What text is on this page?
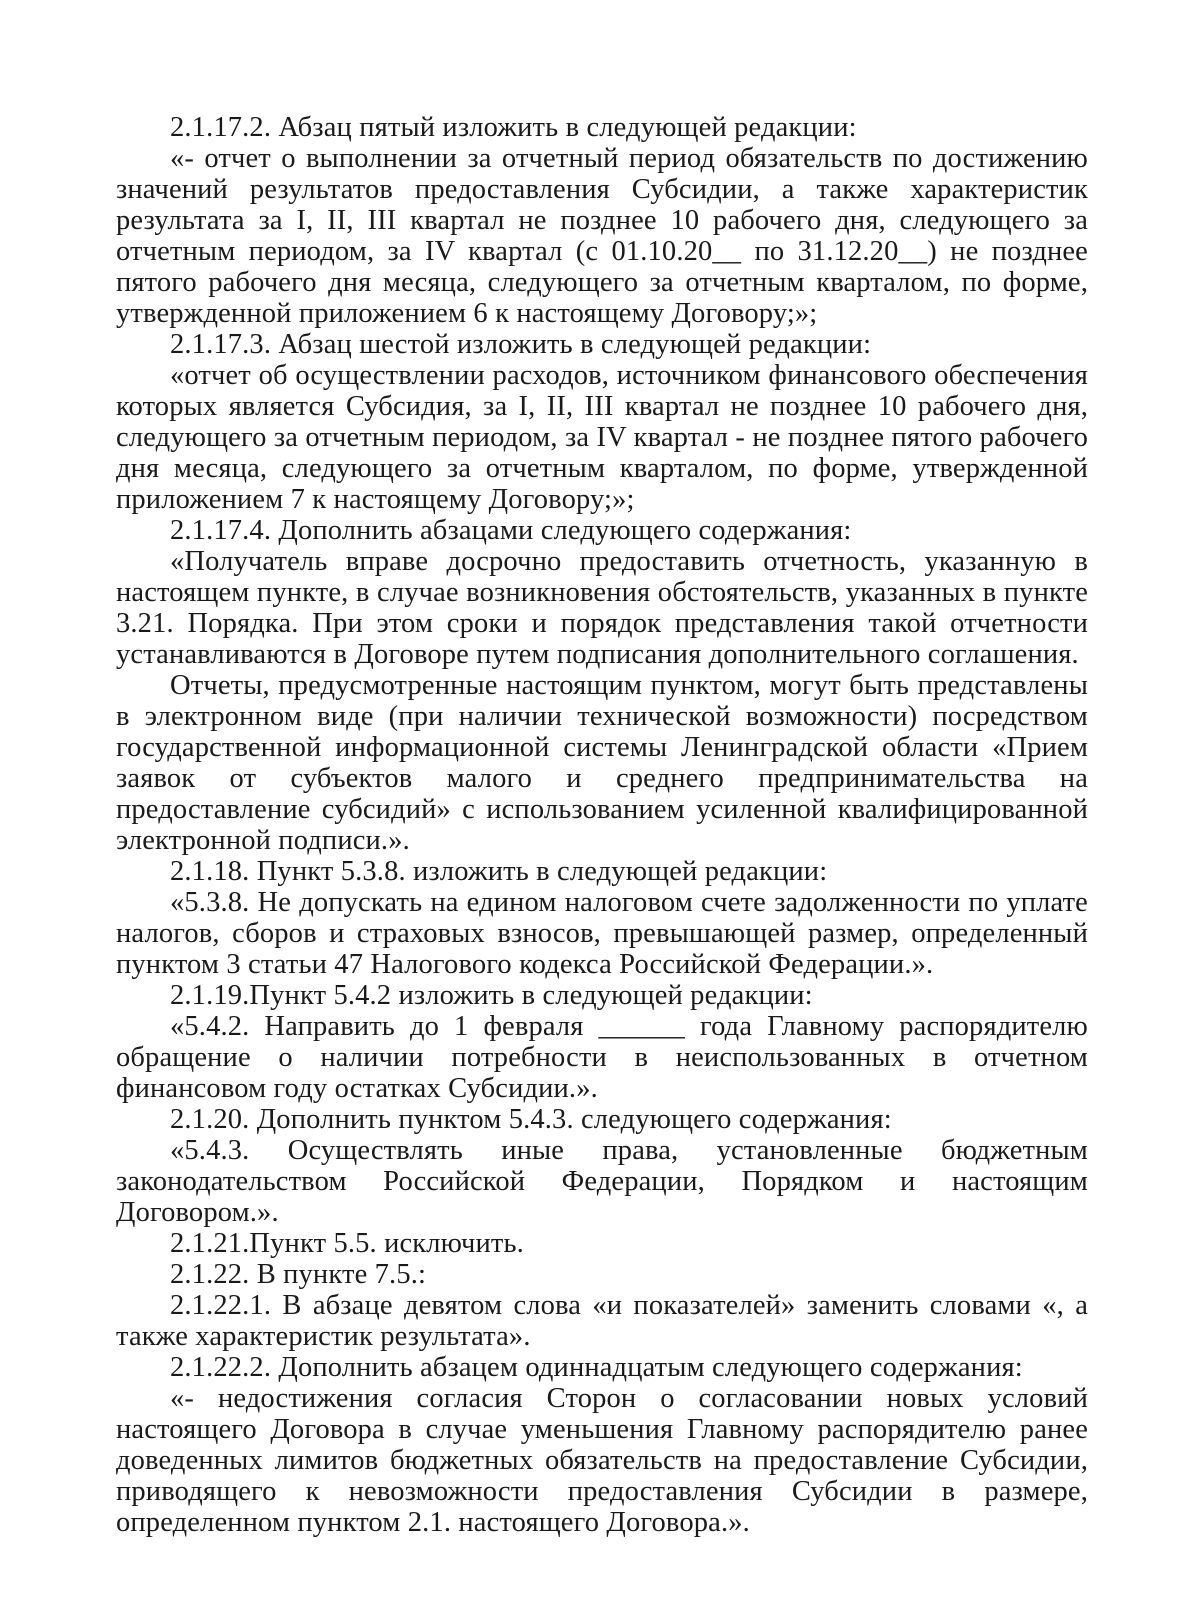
2.1.17.2. Абзац пятый изложить в следующей редакции:

«- отчет о выполнении за отчетный период обязательств по достижению значений результатов предоставления Субсидии, а также характеристик результата за I, II, III квартал не позднее 10 рабочего дня, следующего за отчетным периодом, за IV квартал (с 01.10.20__ по 31.12.20__) не позднее пятого рабочего дня месяца, следующего за отчетным кварталом, по форме, утвержденной приложением 6 к настоящему Договору;»;

2.1.17.3. Абзац шестой изложить в следующей редакции:

«отчет об осуществлении расходов, источником финансового обеспечения которых является Субсидия, за I, II, III квартал не позднее 10 рабочего дня, следующего за отчетным периодом, за IV квартал - не позднее пятого рабочего дня месяца, следующего за отчетным кварталом, по форме, утвержденной приложением 7 к настоящему Договору;»;

2.1.17.4. Дополнить абзацами следующего содержания:

«Получатель вправе досрочно предоставить отчетность, указанную в настоящем пункте, в случае возникновения обстоятельств, указанных в пункте 3.21. Порядка. При этом сроки и порядок представления такой отчетности устанавливаются в Договоре путем подписания дополнительного соглашения.

Отчеты, предусмотренные настоящим пунктом, могут быть представлены в электронном виде (при наличии технической возможности) посредством государственной информационной системы Ленинградской области «Прием заявок от субъектов малого и среднего предпринимательства на предоставление субсидий» с использованием усиленной квалифицированной электронной подписи.».

2.1.18. Пункт 5.3.8. изложить в следующей редакции:

«5.3.8. Не допускать на едином налоговом счете задолженности по уплате налогов, сборов и страховых взносов, превышающей размер, определенный пунктом 3 статьи 47 Налогового кодекса Российской Федерации.».

2.1.19.Пункт 5.4.2 изложить в следующей редакции:

«5.4.2. Направить до 1 февраля ______ года Главному распорядителю обращение о наличии потребности в неиспользованных в отчетном финансовом году остатках Субсидии.».

2.1.20. Дополнить пунктом 5.4.3. следующего содержания:

«5.4.3. Осуществлять иные права, установленные бюджетным законодательством Российской Федерации, Порядком и настоящим Договором.».

2.1.21.Пункт 5.5. исключить.

2.1.22. В пункте 7.5.:

2.1.22.1. В абзаце девятом слова «и показателей» заменить словами «, а также характеристик результата».

2.1.22.2. Дополнить абзацем одиннадцатым следующего содержания:

«- недостижения согласия Сторон о согласовании новых условий настоящего Договора в случае уменьшения Главному распорядителю ранее доведенных лимитов бюджетных обязательств на предоставление Субсидии, приводящего к невозможности предоставления Субсидии в размере, определенном пунктом 2.1. настоящего Договора.».
